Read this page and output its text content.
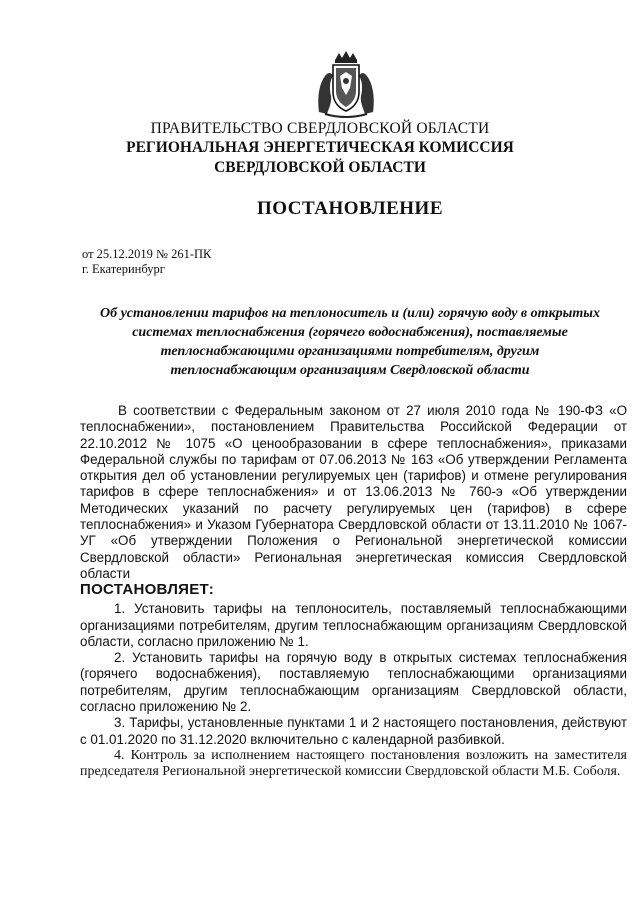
ПРАВИТЕЛЬСТВО СВЕРДЛОВСКОЙ ОБЛАСТИ
РЕГИОНАЛЬНАЯ ЭНЕРГЕТИЧЕСКАЯ КОМИССИЯ
СВЕРДЛОВСКОЙ ОБЛАСТИ
ПОСТАНОВЛЕНИЕ
от 25.12.2019 № 261-ПК
г. Екатеринбург
Об установлении тарифов на теплоноситель и (или) горячую воду в открытых
системах теплоснабжения (горячего водоснабжения), поставляемые
теплоснабжающими организациями потребителям, другим
теплоснабжающим организациям Свердловской области

В соответствии с Федеральным законом от 27 июля 2010 года № 190-ФЗ «О теплоснабжении», постановлением Правительства Российской Федерации от 22.10.2012 № 1075 «О ценообразовании в сфере теплоснабжения», приказами Федеральной службы по тарифам от 07.06.2013 № 163 «Об утверждении Регламента открытия дел об установлении регулируемых цен (тарифов) и отмене регулирования тарифов в сфере теплоснабжения» и от 13.06.2013 № 760-э «Об утверждении Методических указаний по расчету регулируемых цен (тарифов) в сфере теплоснабжения» и Указом Губернатора Свердловской области от 13.11.2010 № 1067-УГ «Об утверждении Положения о Региональной энергетической комиссии Свердловской области» Региональная энергетическая комиссия Свердловской области

ПОСТАНОВЛЯЕТ:

1. Установить тарифы на теплоноситель, поставляемый теплоснабжающими организациями потребителям, другим теплоснабжающим организациям Свердловской области, согласно приложению № 1.

2. Установить тарифы на горячую воду в открытых системах теплоснабжения (горячего водоснабжения), поставляемую теплоснабжающими организациями потребителям, другим теплоснабжающим организациям Свердловской области, согласно приложению № 2.

3. Тарифы, установленные пунктами 1 и 2 настоящего постановления, действуют с 01.01.2020 по 31.12.2020 включительно с календарной разбивкой.

4. Контроль за исполнением настоящего постановления возложить на заместителя председателя Региональной энергетической комиссии Свердловской области М.Б. Соболя.
